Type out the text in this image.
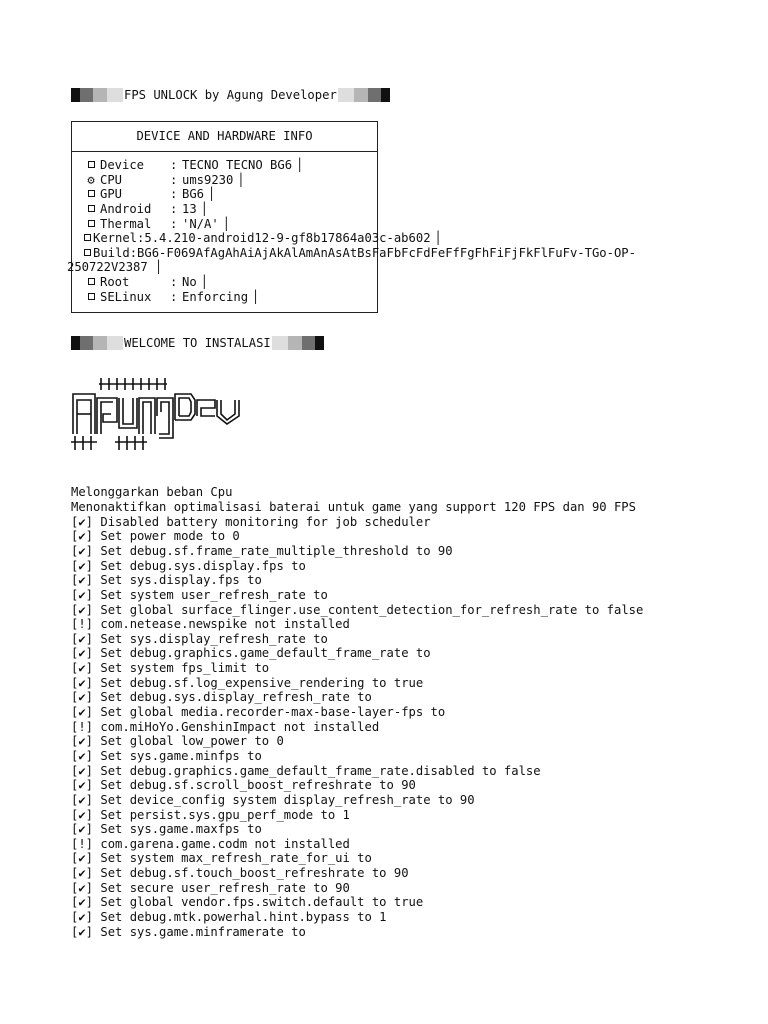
FPS UNLOCK by Agung Developer
DEVICE AND HARDWARE INFO
Device	: TECNO TECNO BG6 │
⚙ CPU	: ums9230 │
GPU	: BG6 │
Android	: 13 │
Thermal	: 'N/A' │
Kernel : 5.4.210-android12-9-gf8b17864a03c-ab602 │
Build : BG6-F069AfAgAhAiAjAkAlAmAnAsAtBsFaFbFcFdFeFfFgFhFiFjFkFlFuFv-TGo-OP-
250722V2387 │
Root	: No │
SELinux	: Enforcing │
WELCOME TO INSTALASI
Melonggarkan beban Cpu
Menonaktifkan optimalisasi baterai untuk game yang support 120 FPS dan 90 FPS
[✔] Disabled battery monitoring for job scheduler
[✔] Set power mode to 0
[✔] Set debug.sf.frame_rate_multiple_threshold to 90
[✔] Set debug.sys.display.fps to
[✔] Set sys.display.fps to
[✔] Set system user_refresh_rate to
[✔] Set global surface_flinger.use_content_detection_for_refresh_rate to false
[!] com.netease.newspike not installed
[✔] Set sys.display_refresh_rate to
[✔] Set debug.graphics.game_default_frame_rate to
[✔] Set system fps_limit to
[✔] Set debug.sf.log_expensive_rendering to true
[✔] Set debug.sys.display_refresh_rate to
[✔] Set global media.recorder-max-base-layer-fps to
[!] com.miHoYo.GenshinImpact not installed
[✔] Set global low_power to 0
[✔] Set sys.game.minfps to
[✔] Set debug.graphics.game_default_frame_rate.disabled to false
[✔] Set debug.sf.scroll_boost_refreshrate to 90
[✔] Set device_config system display_refresh_rate to 90
[✔] Set persist.sys.gpu_perf_mode to 1
[✔] Set sys.game.maxfps to
[!] com.garena.game.codm not installed
[✔] Set system max_refresh_rate_for_ui to
[✔] Set debug.sf.touch_boost_refreshrate to 90
[✔] Set secure user_refresh_rate to 90
[✔] Set global vendor.fps.switch.default to true
[✔] Set debug.mtk.powerhal.hint.bypass to 1
[✔] Set sys.game.minframerate to
